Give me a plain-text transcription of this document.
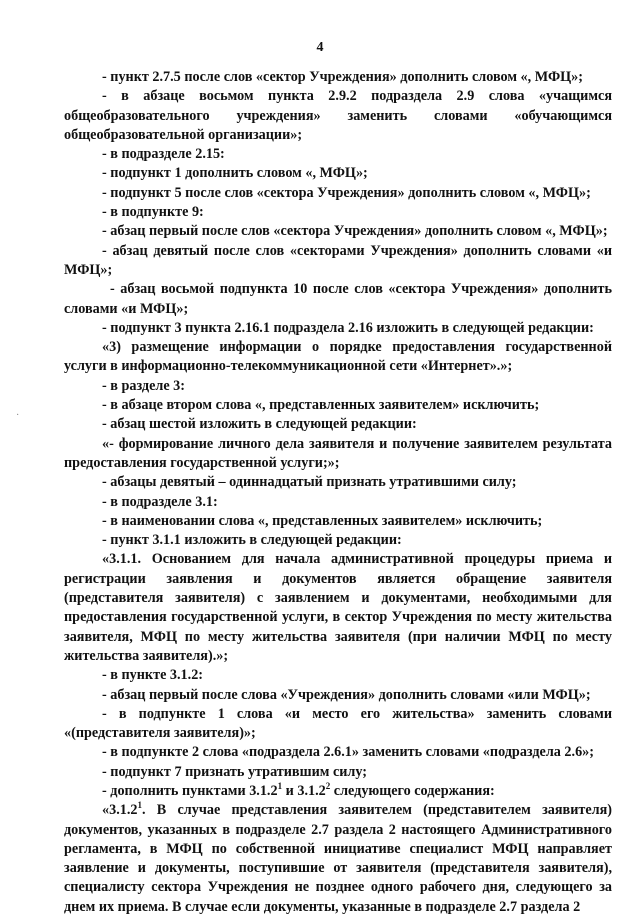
4
·

- пункт 2.7.5 после слов «сектор Учреждения» дополнить словом «, МФЦ»;

- в абзаце восьмом пункта 2.9.2 подраздела 2.9 слова «учащимся общеобразовательного учреждения» заменить словами «обучающимся общеобразовательной организации»;

- в подразделе 2.15:

- подпункт 1 дополнить словом «, МФЦ»;

- подпункт 5 после слов «сектора Учреждения» дополнить словом «, МФЦ»;

- в подпункте 9:

- абзац первый после слов «сектора Учреждения» дополнить словом «, МФЦ»;

- абзац девятый после слов «секторами Учреждения» дополнить словами «и МФЦ»;

- абзац восьмой подпункта 10 после слов «сектора Учреждения» дополнить словами «и МФЦ»;

- подпункт 3 пункта 2.16.1 подраздела 2.16 изложить в следующей редакции:

«3) размещение информации о порядке предоставления государственной услуги в информационно-телекоммуникационной сети «Интернет».»;

- в разделе 3:

- в абзаце втором слова «, представленных заявителем» исключить;

- абзац шестой изложить в следующей редакции:

«- формирование личного дела заявителя и получение заявителем результата предоставления государственной услуги;»;

- абзацы девятый – одиннадцатый признать утратившими силу;

- в подразделе 3.1:

- в наименовании слова «, представленных заявителем» исключить;

- пункт 3.1.1 изложить в следующей редакции:

«3.1.1. Основанием для начала административной процедуры приема и регистрации заявления и документов является обращение заявителя (представителя заявителя) с заявлением и документами, необходимыми для предоставления государственной услуги, в сектор Учреждения по месту жительства заявителя, МФЦ по месту жительства заявителя (при наличии МФЦ по месту жительства заявителя).»;

- в пункте 3.1.2:

- абзац первый после слова «Учреждения» дополнить словами «или МФЦ»;

- в подпункте 1 слова «и место его жительства» заменить словами «(представителя заявителя)»;

- в подпункте 2 слова «подраздела 2.6.1» заменить словами «подраздела 2.6»;

- подпункт 7 признать утратившим силу;

- дополнить пунктами 3.1.2$^1$ и 3.1.2$^2$ следующего содержания:

«3.1.2$^1$. В случае представления заявителем (представителем заявителя) документов, указанных в подразделе 2.7 раздела 2 настоящего Административного регламента, в МФЦ по собственной инициативе специалист МФЦ направляет заявление и документы, поступившие от заявителя (представителя заявителя), специалисту сектора Учреждения не позднее одного рабочего дня, следующего за днем их приема. В случае если документы, указанные в подразделе 2.7 раздела 2
